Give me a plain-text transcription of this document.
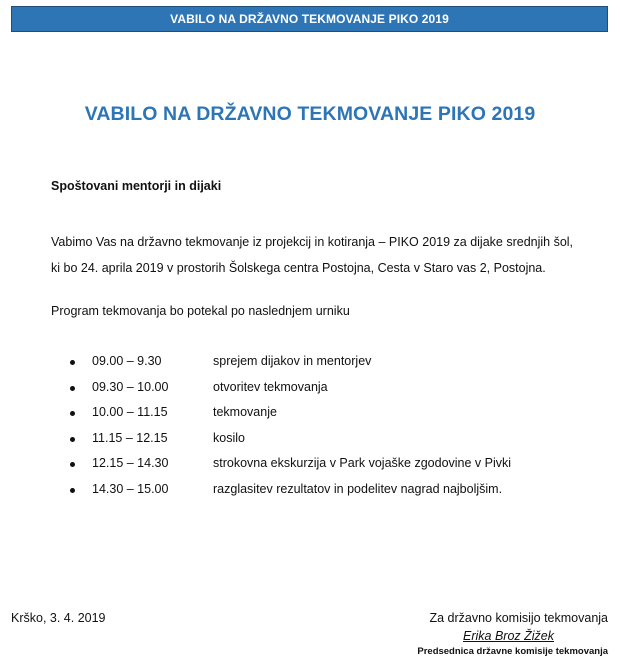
VABILO NA DRŽAVNO TEKMOVANJE PIKO 2019
VABILO NA DRŽAVNO TEKMOVANJE PIKO 2019
Spoštovani mentorji in dijaki
Vabimo Vas na državno tekmovanje iz projekcij in kotiranja – PIKO 2019 za dijake srednjih šol,
ki bo 24. aprila 2019 v prostorih Šolskega centra Postojna, Cesta v Staro vas 2, Postojna.
Program tekmovanja bo potekal po naslednjem urniku
09.00 – 9.30	sprejem dijakov in mentorjev
09.30 – 10.00	otvoritev tekmovanja
10.00 – 11.15	tekmovanje
11.15 – 12.15	kosilo
12.15 – 14.30	strokovna ekskurzija v Park vojaške zgodovine v Pivki
14.30 – 15.00	razglasitev rezultatov in podelitev nagrad najboljšim.
Krško, 3. 4. 2019	Za državno komisijo tekmovanja
Erika Broz Žižek
Predsednica državne komisije tekmovanja
